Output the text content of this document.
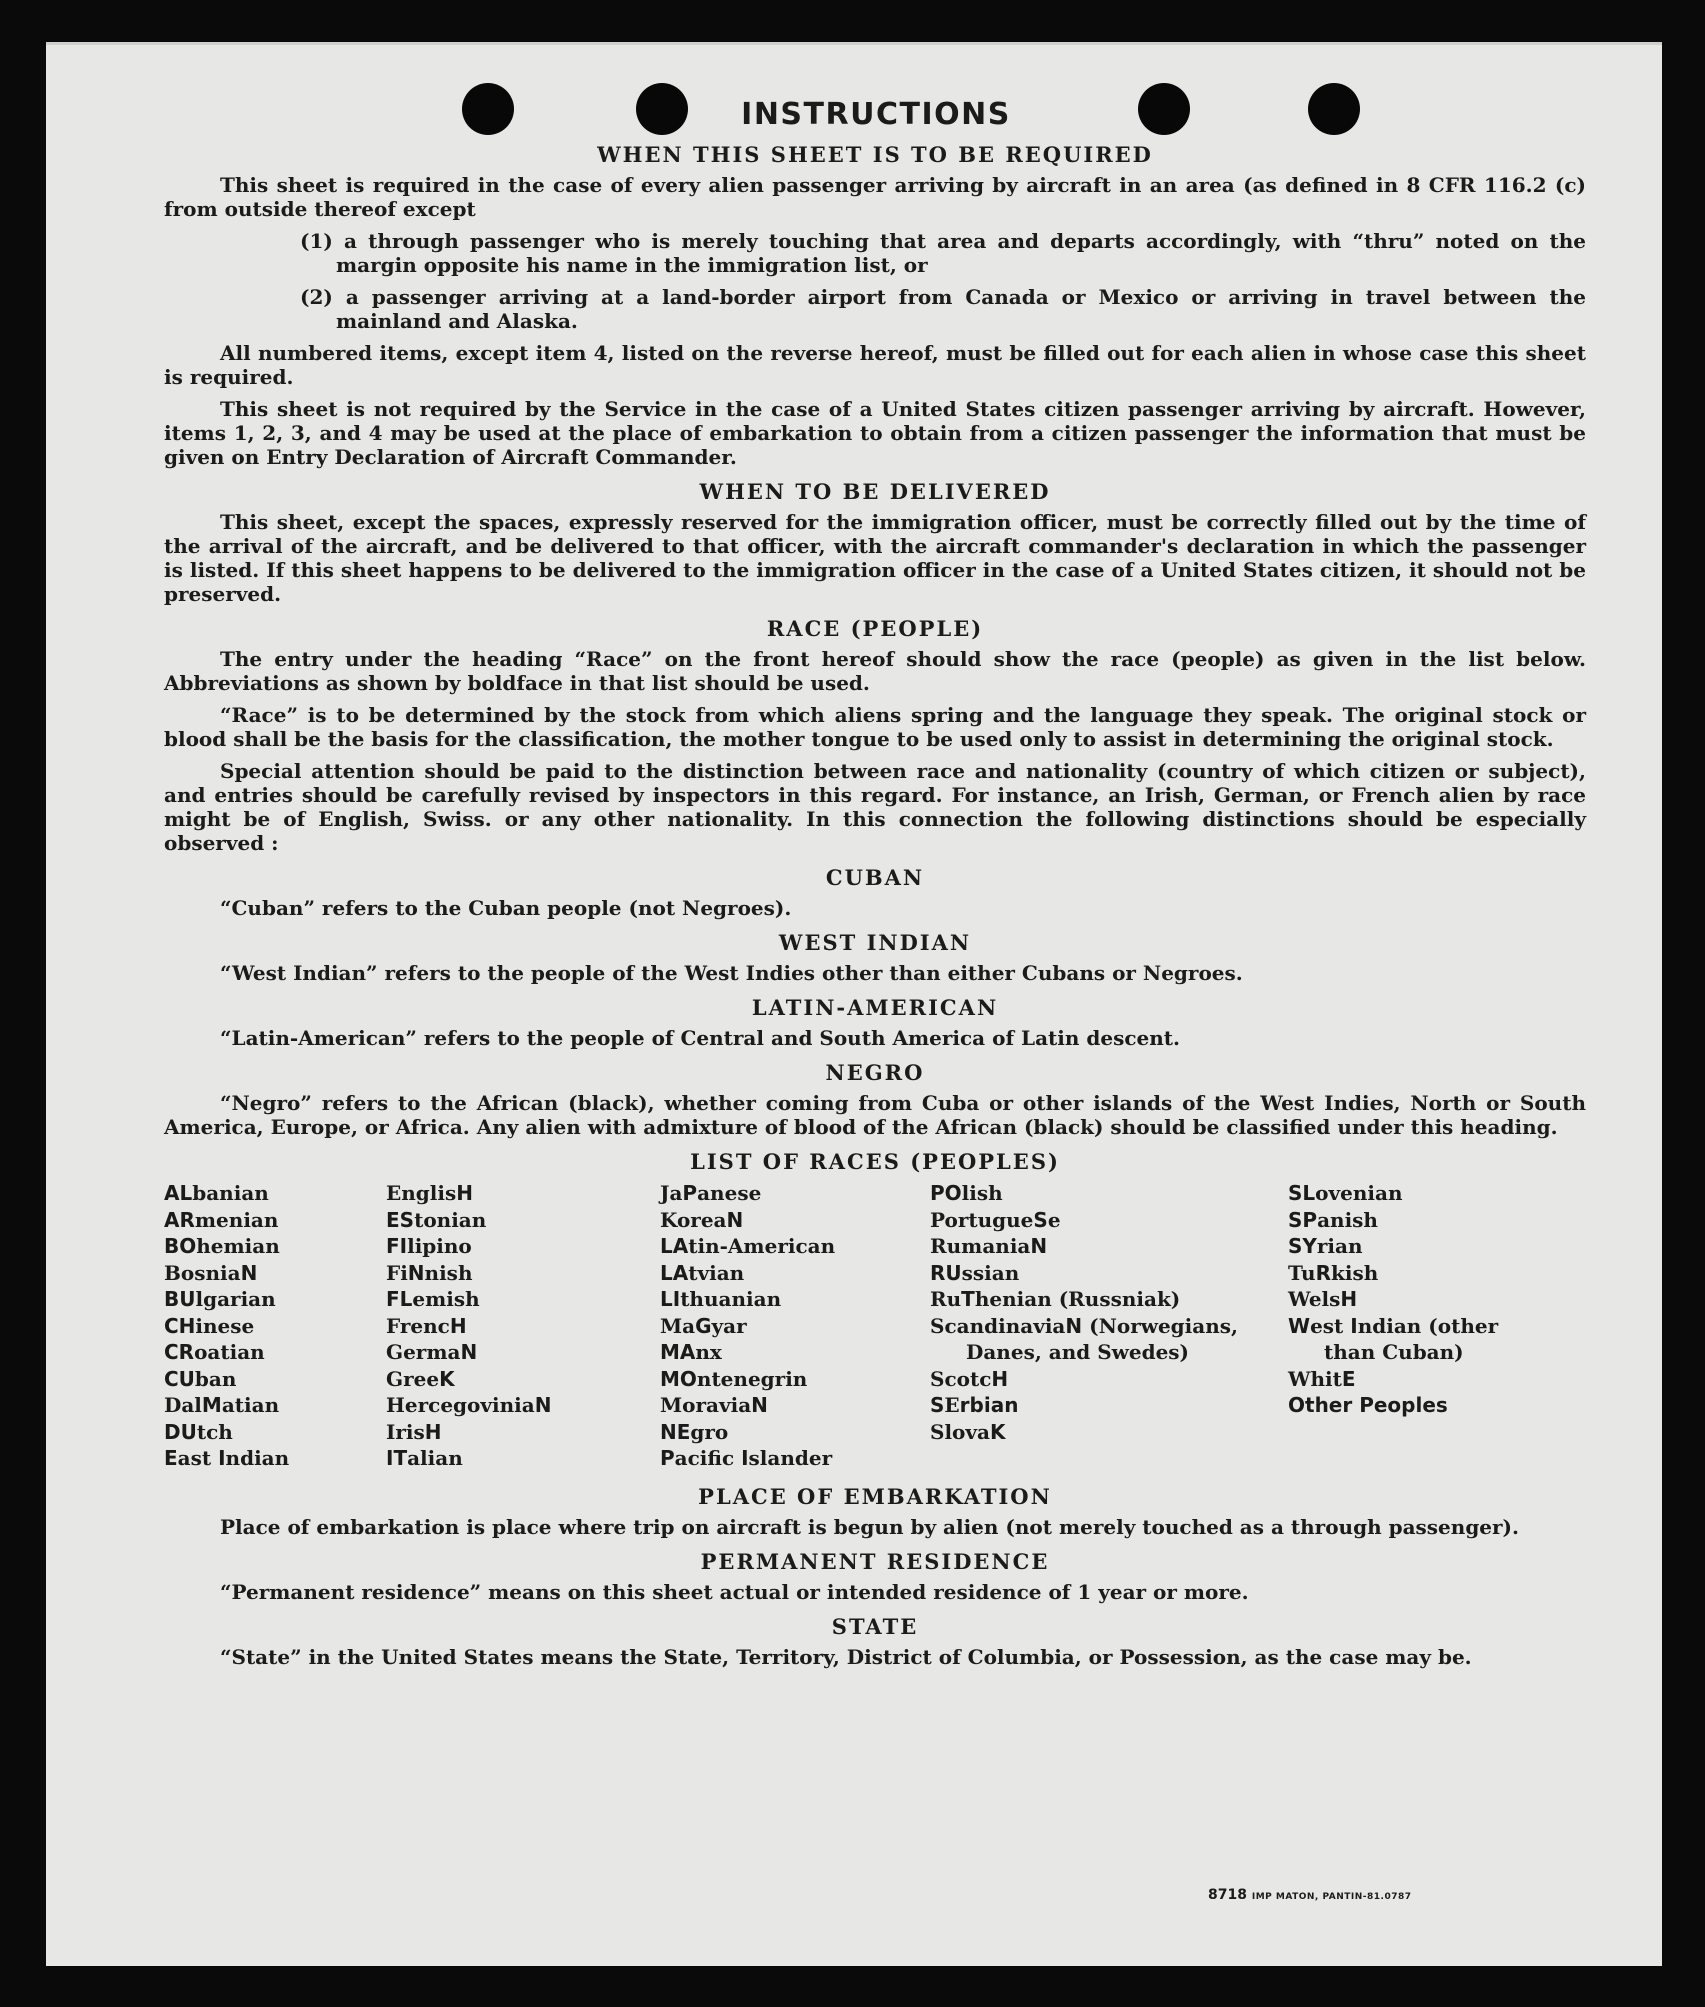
INSTRUCTIONS
WHEN THIS SHEET IS TO BE REQUIRED

This sheet is required in the case of every alien passenger arriving by aircraft in an area (as defined in 8 CFR 116.2 (c) from outside thereof except

(1) a through passenger who is merely touching that area and departs accordingly, with “thru” noted on the margin opposite his name in the immigration list, or

(2) a passenger arriving at a land-border airport from Canada or Mexico or arriving in travel between the mainland and Alaska.

All numbered items, except item 4, listed on the reverse hereof, must be filled out for each alien in whose case this sheet is required.

This sheet is not required by the Service in the case of a United States citizen passenger arriving by aircraft. However, items 1, 2, 3, and 4 may be used at the place of embarkation to obtain from a citizen passenger the information that must be given on Entry Declaration of Aircraft Commander.

WHEN TO BE DELIVERED

This sheet, except the spaces, expressly reserved for the immigration officer, must be correctly filled out by the time of the arrival of the aircraft, and be delivered to that officer, with the aircraft commander's declaration in which the passenger is listed. If this sheet happens to be delivered to the immigration officer in the case of a United States citizen, it should not be preserved.

RACE (PEOPLE)

The entry under the heading “Race” on the front hereof should show the race (people) as given in the list below. Abbreviations as shown by boldface in that list should be used.

“Race” is to be determined by the stock from which aliens spring and the language they speak. The original stock or blood shall be the basis for the classification, the mother tongue to be used only to assist in determining the original stock.

Special attention should be paid to the distinction between race and nationality (country of which citizen or subject), and entries should be carefully revised by inspectors in this regard. For instance, an Irish, German, or French alien by race might be of English, Swiss. or any other nationality. In this connection the following distinctions should be especially observed :

CUBAN

“Cuban” refers to the Cuban people (not Negroes).

WEST INDIAN

“West Indian” refers to the people of the West Indies other than either Cubans or Negroes.

LATIN-AMERICAN

“Latin-American” refers to the people of Central and South America of Latin descent.

NEGRO

“Negro” refers to the African (black), whether coming from Cuba or other islands of the West Indies, North or South America, Europe, or Africa. Any alien with admixture of blood of the African (black) should be classified under this heading.

LIST OF RACES (PEOPLES)
ALbanian
ARmenian
BOhemian
BosniaN
BUlgarian
CHinese
CRoatian
CUban
DalMatian
DUtch
East Indian
EnglisH
EStonian
FIlipino
FiNnish
FLemish
FrencH
GermaN
GreeK
HercegoviniaN
IrisH
ITalian
JaPanese
KoreaN
LAtin-American
LAtvian
LIthuanian
MaGyar
MAnx
MOntenegrin
MoraviaN
NEgro
Pacific Islander
POlish
PortugueSe
RumaniaN
RUssian
RuThenian (Russniak)
ScandinaviaN (Norwegians, Danes, and Swedes)
ScotcH
SErbian
SlovaK
SLovenian
SPanish
SYrian
TuRkish
WelsH
West Indian (other than Cuban)
WhitE
Other Peoples
PLACE OF EMBARKATION

Place of embarkation is place where trip on aircraft is begun by alien (not merely touched as a through passenger).

PERMANENT RESIDENCE

“Permanent residence” means on this sheet actual or intended residence of 1 year or more.

STATE

“State” in the United States means the State, Territory, District of Columbia, or Possession, as the case may be.

8718 IMP MATON, PANTIN-81.0787
